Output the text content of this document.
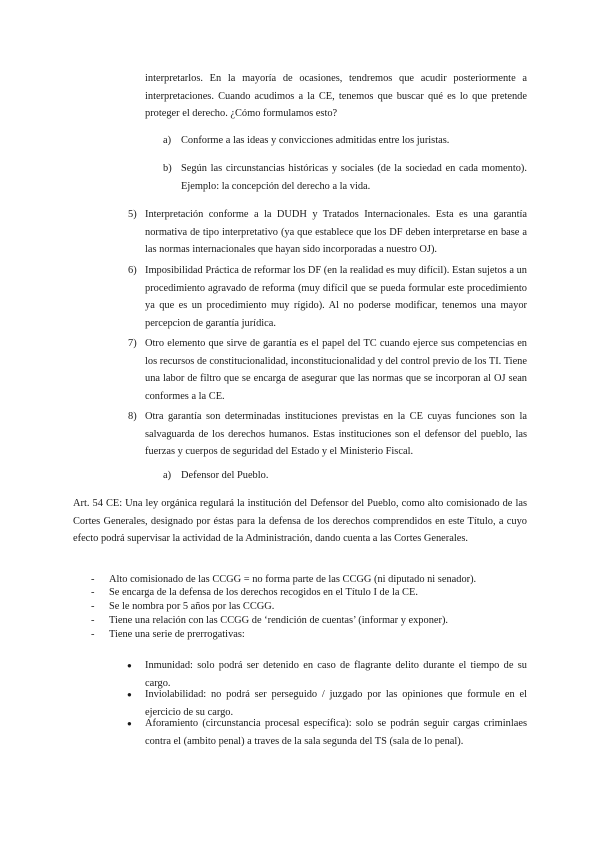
interpretarlos. En la mayoría de ocasiones, tendremos que acudir posteriormente a interpretaciones. Cuando acudimos a la CE, tenemos que buscar qué es lo que pretende proteger el derecho. ¿Cómo formulamos esto?

a) Conforme a las ideas y convicciones admitidas entre los juristas.

b) Según las circunstancias históricas y sociales (de la sociedad en cada momento). Ejemplo: la concepción del derecho a la vida.

5) Interpretación conforme a la DUDH y Tratados Internacionales. Esta es una garantía normativa de tipo interpretativo (ya que establece que los DF deben interpretarse en base a las normas internacionales que hayan sido incorporadas a nuestro OJ).

6) Imposibilidad Práctica de reformar los DF (en la realidad es muy difícil). Estan sujetos a un procedimiento agravado de reforma (muy difícil que se pueda formular este procedimiento ya que es un procedimiento muy rígido). Al no poderse modificar, tenemos una mayor percepcion de garantía jurídica.

7) Otro elemento que sirve de garantía es el papel del TC cuando ejerce sus competencias en los recursos de constitucionalidad, inconstitucionalidad y del control previo de los TI. Tiene una labor de filtro que se encarga de asegurar que las normas que se incorporan al OJ sean conformes a la CE.

8) Otra garantía son determinadas instituciones previstas en la CE cuyas funciones son la salvaguarda de los derechos humanos. Estas instituciones son el defensor del pueblo, las fuerzas y cuerpos de seguridad del Estado y el Ministerio Fiscal.

a) Defensor del Pueblo.

Art. 54 CE: Una ley orgánica regulará la institución del Defensor del Pueblo, como alto comisionado de las Cortes Generales, designado por éstas para la defensa de los derechos comprendidos en este Título, a cuyo efecto podrá supervisar la actividad de la Administración, dando cuenta a las Cortes Generales.

- Alto comisionado de las CCGG = no forma parte de las CCGG (ni diputado ni senador).
- Se encarga de la defensa de los derechos recogidos en el Título I de la CE.
- Se le nombra por 5 años por las CCGG.
- Tiene una relación con las CCGG de ‘rendición de cuentas’ (informar y exponer).
- Tiene una serie de prerrogativas:
● Inmunidad: solo podrá ser detenido en caso de flagrante delito durante el tiempo de su cargo.

● Inviolabilidad: no podrá ser perseguido / juzgado por las opiniones que formule en el ejercicio de su cargo.

● Aforamiento (circunstancia procesal específica): solo se podrán seguir cargas criminlaes contra el (ambito penal) a traves de la sala segunda del TS (sala de lo penal).
